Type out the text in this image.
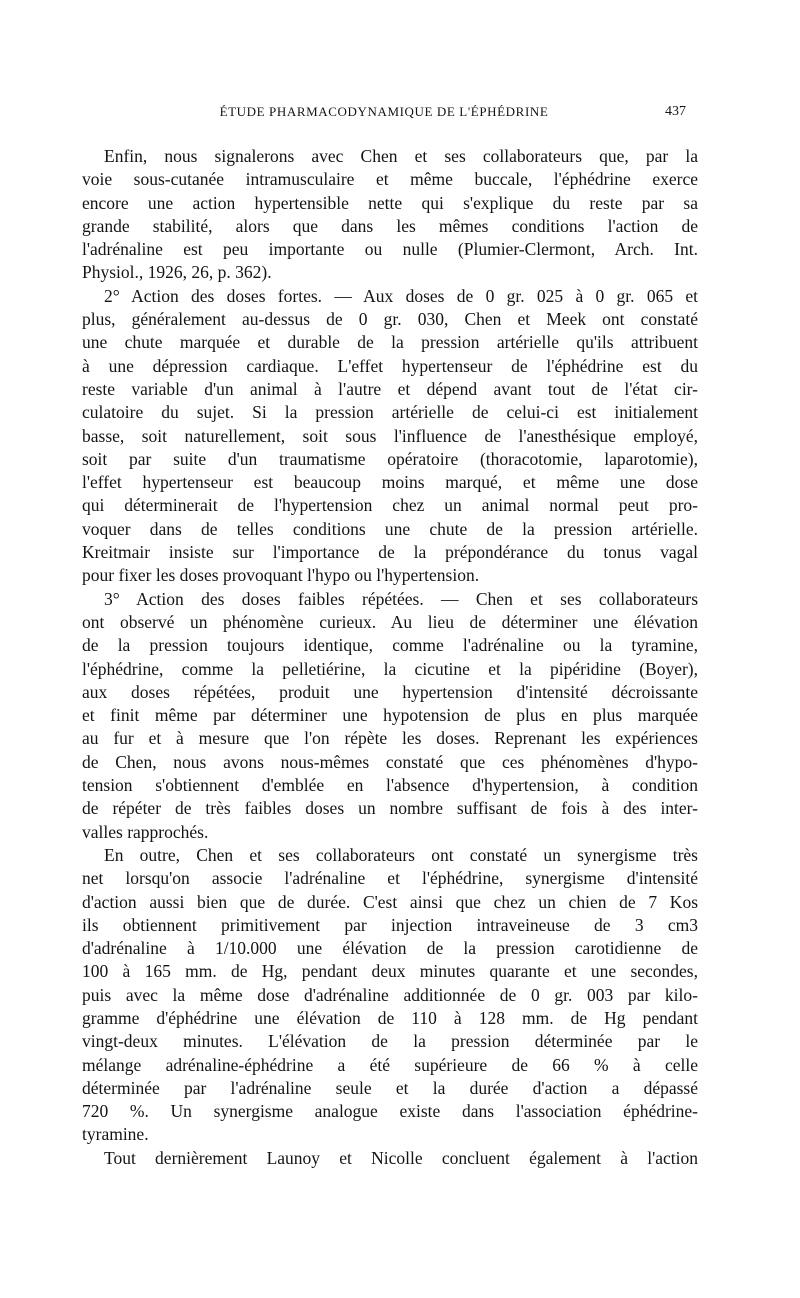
ÉTUDE PHARMACODYNAMIQUE DE L'ÉPHÉDRINE	437
Enfin, nous signalerons avec Chen et ses collaborateurs que, par la
voie sous-cutanée intramusculaire et même buccale, l'éphédrine exerce
encore une action hypertensible nette qui s'explique du reste par sa
grande stabilité, alors que dans les mêmes conditions l'action de
l'adrénaline est peu importante ou nulle (Plumier-Clermont, Arch. Int.
Physiol., 1926, 26, p. 362).
2° Action des doses fortes. — Aux doses de 0 gr. 025 à 0 gr. 065 et
plus, généralement au-dessus de 0 gr. 030, Chen et Meek ont constaté
une chute marquée et durable de la pression artérielle qu'ils attribuent
à une dépression cardiaque. L'effet hypertenseur de l'éphédrine est du
reste variable d'un animal à l'autre et dépend avant tout de l'état cir-
culatoire du sujet. Si la pression artérielle de celui-ci est initialement
basse, soit naturellement, soit sous l'influence de l'anesthésique employé,
soit par suite d'un traumatisme opératoire (thoracotomie, laparotomie),
l'effet hypertenseur est beaucoup moins marqué, et même une dose
qui déterminerait de l'hypertension chez un animal normal peut pro-
voquer dans de telles conditions une chute de la pression artérielle.
Kreitmair insiste sur l'importance de la prépondérance du tonus vagal
pour fixer les doses provoquant l'hypo ou l'hypertension.
3° Action des doses faibles répétées. — Chen et ses collaborateurs
ont observé un phénomène curieux. Au lieu de déterminer une élévation
de la pression toujours identique, comme l'adrénaline ou la tyramine,
l'éphédrine, comme la pelletiérine, la cicutine et la pipéridine (Boyer),
aux doses répétées, produit une hypertension d'intensité décroissante
et finit même par déterminer une hypotension de plus en plus marquée
au fur et à mesure que l'on répète les doses. Reprenant les expériences
de Chen, nous avons nous-mêmes constaté que ces phénomènes d'hypo-
tension s'obtiennent d'emblée en l'absence d'hypertension, à condition
de répéter de très faibles doses un nombre suffisant de fois à des inter-
valles rapprochés.
En outre, Chen et ses collaborateurs ont constaté un synergisme très
net lorsqu'on associe l'adrénaline et l'éphédrine, synergisme d'intensité
d'action aussi bien que de durée. C'est ainsi que chez un chien de 7 Kos
ils obtiennent primitivement par injection intraveineuse de 3 cm3
d'adrénaline à 1/10.000 une élévation de la pression carotidienne de
100 à 165 mm. de Hg, pendant deux minutes quarante et une secondes,
puis avec la même dose d'adrénaline additionnée de 0 gr. 003 par kilo-
gramme d'éphédrine une élévation de 110 à 128 mm. de Hg pendant
vingt-deux minutes. L'élévation de la pression déterminée par le
mélange adrénaline-éphédrine a été supérieure de 66 % à celle
déterminée par l'adrénaline seule et la durée d'action a dépassé
720 %. Un synergisme analogue existe dans l'association éphédrine-
tyramine.
Tout dernièrement Launoy et Nicolle concluent également à l'action
